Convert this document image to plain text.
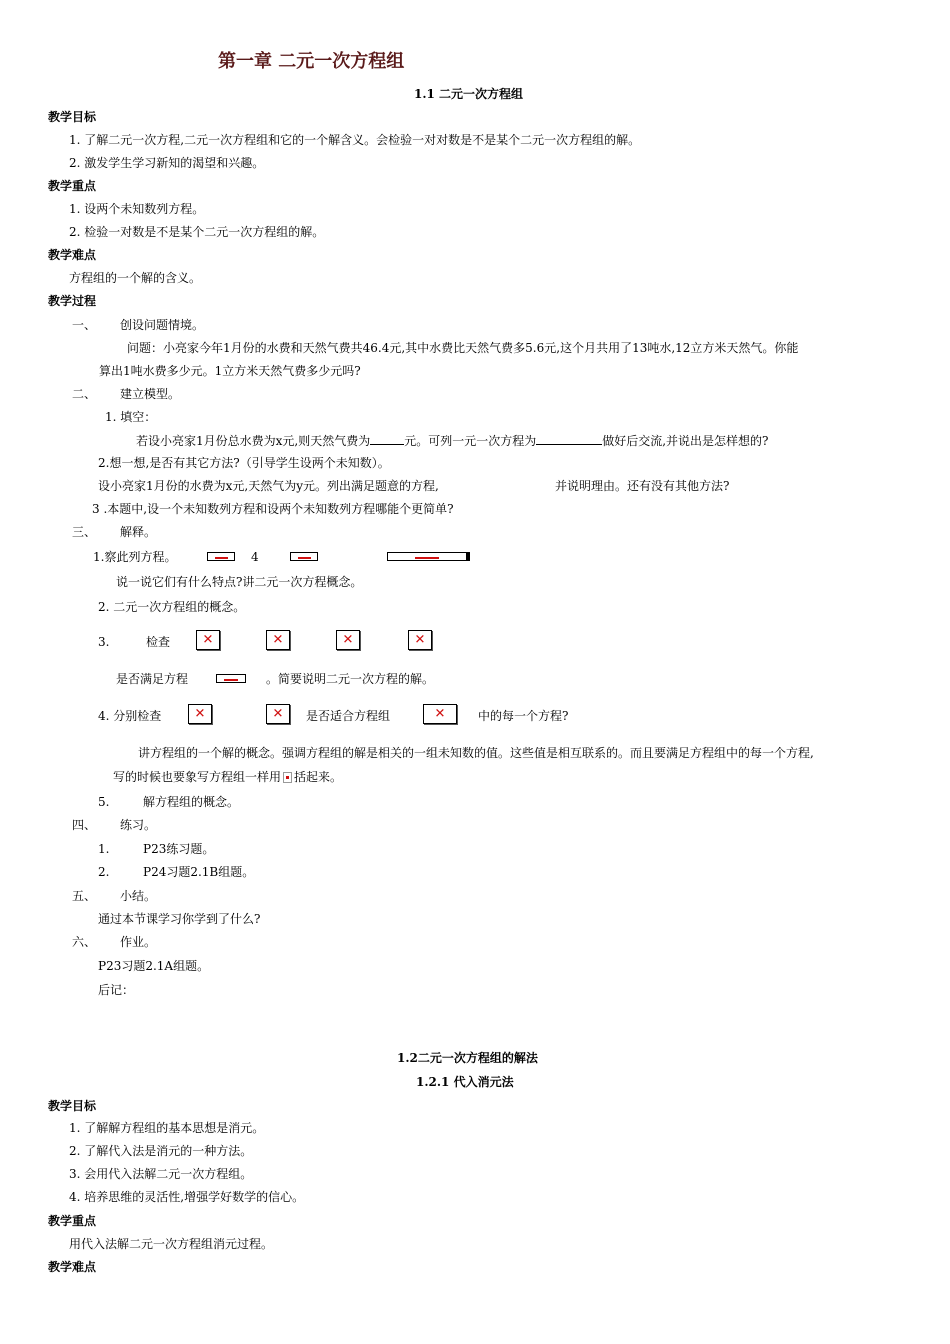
第一章 二元一次方程组
1.1 二元一次方程组
教学目标
1. 了解二元一次方程,二元一次方程组和它的一个解含义。会检验一对对数是不是某个二元一次方程组的解。
2. 激发学生学习新知的渴望和兴趣。
教学重点
1. 设两个未知数列方程。
2. 检验一对数是不是某个二元一次方程组的解。
教学难点
方程组的一个解的含义。
教学过程
一、 创设问题情境。
问题：小亮家今年1月份的水费和天然气费共46.4元,其中水费比天然气费多5.6元,这个月共用了13吨水,12立方米天然气。你能
算出1吨水费多少元。1立方米天然气费多少元吗?
二、 建立模型。
1. 填空：
若设小亮家1月份总水费为x元,则天然气费为	元。可列一元一次方程为	做好后交流,并说出是怎样想的?
2.想一想,是否有其它方法?（引导学生设两个未知数）。
设小亮家1月份的水费为x元,天然气为y元。列出满足题意的方程,	并说明理由。还有没有其他方法?
3 .本题中,设一个未知数列方程和设两个未知数列方程哪能个更简单?
三、 解释。
1.察此列方程。	4
说一说它们有什么特点?讲二元一次方程概念。
2. 二元一次方程组的概念。
3.	检查	✕	✕	✕	✕
是否满足方程	。简要说明二元一次方程的解。
4. 分别检查	✕	✕ 是否适合方程组	✕	中的每一个方程?
讲方程组的一个解的概念。强调方程组的解是相关的一组未知数的值。这些值是相互联系的。而且要满足方程组中的每一个方程,
写的时候也要象写方程组一样用 括起来。
5.	解方程组的概念。
四、 练习。
1.	P23练习题。
2.	P24习题2.1B组题。
五、 小结。
通过本节课学习你学到了什么?
六、 作业。
P23习题2.1A组题。
后记：
1.2二元一次方程组的解法
1.2.1 代入消元法
教学目标
1. 了解解方程组的基本思想是消元。
2. 了解代入法是消元的一种方法。
3. 会用代入法解二元一次方程组。
4. 培养思维的灵活性,增强学好数学的信心。
教学重点
用代入法解二元一次方程组消元过程。
教学难点
